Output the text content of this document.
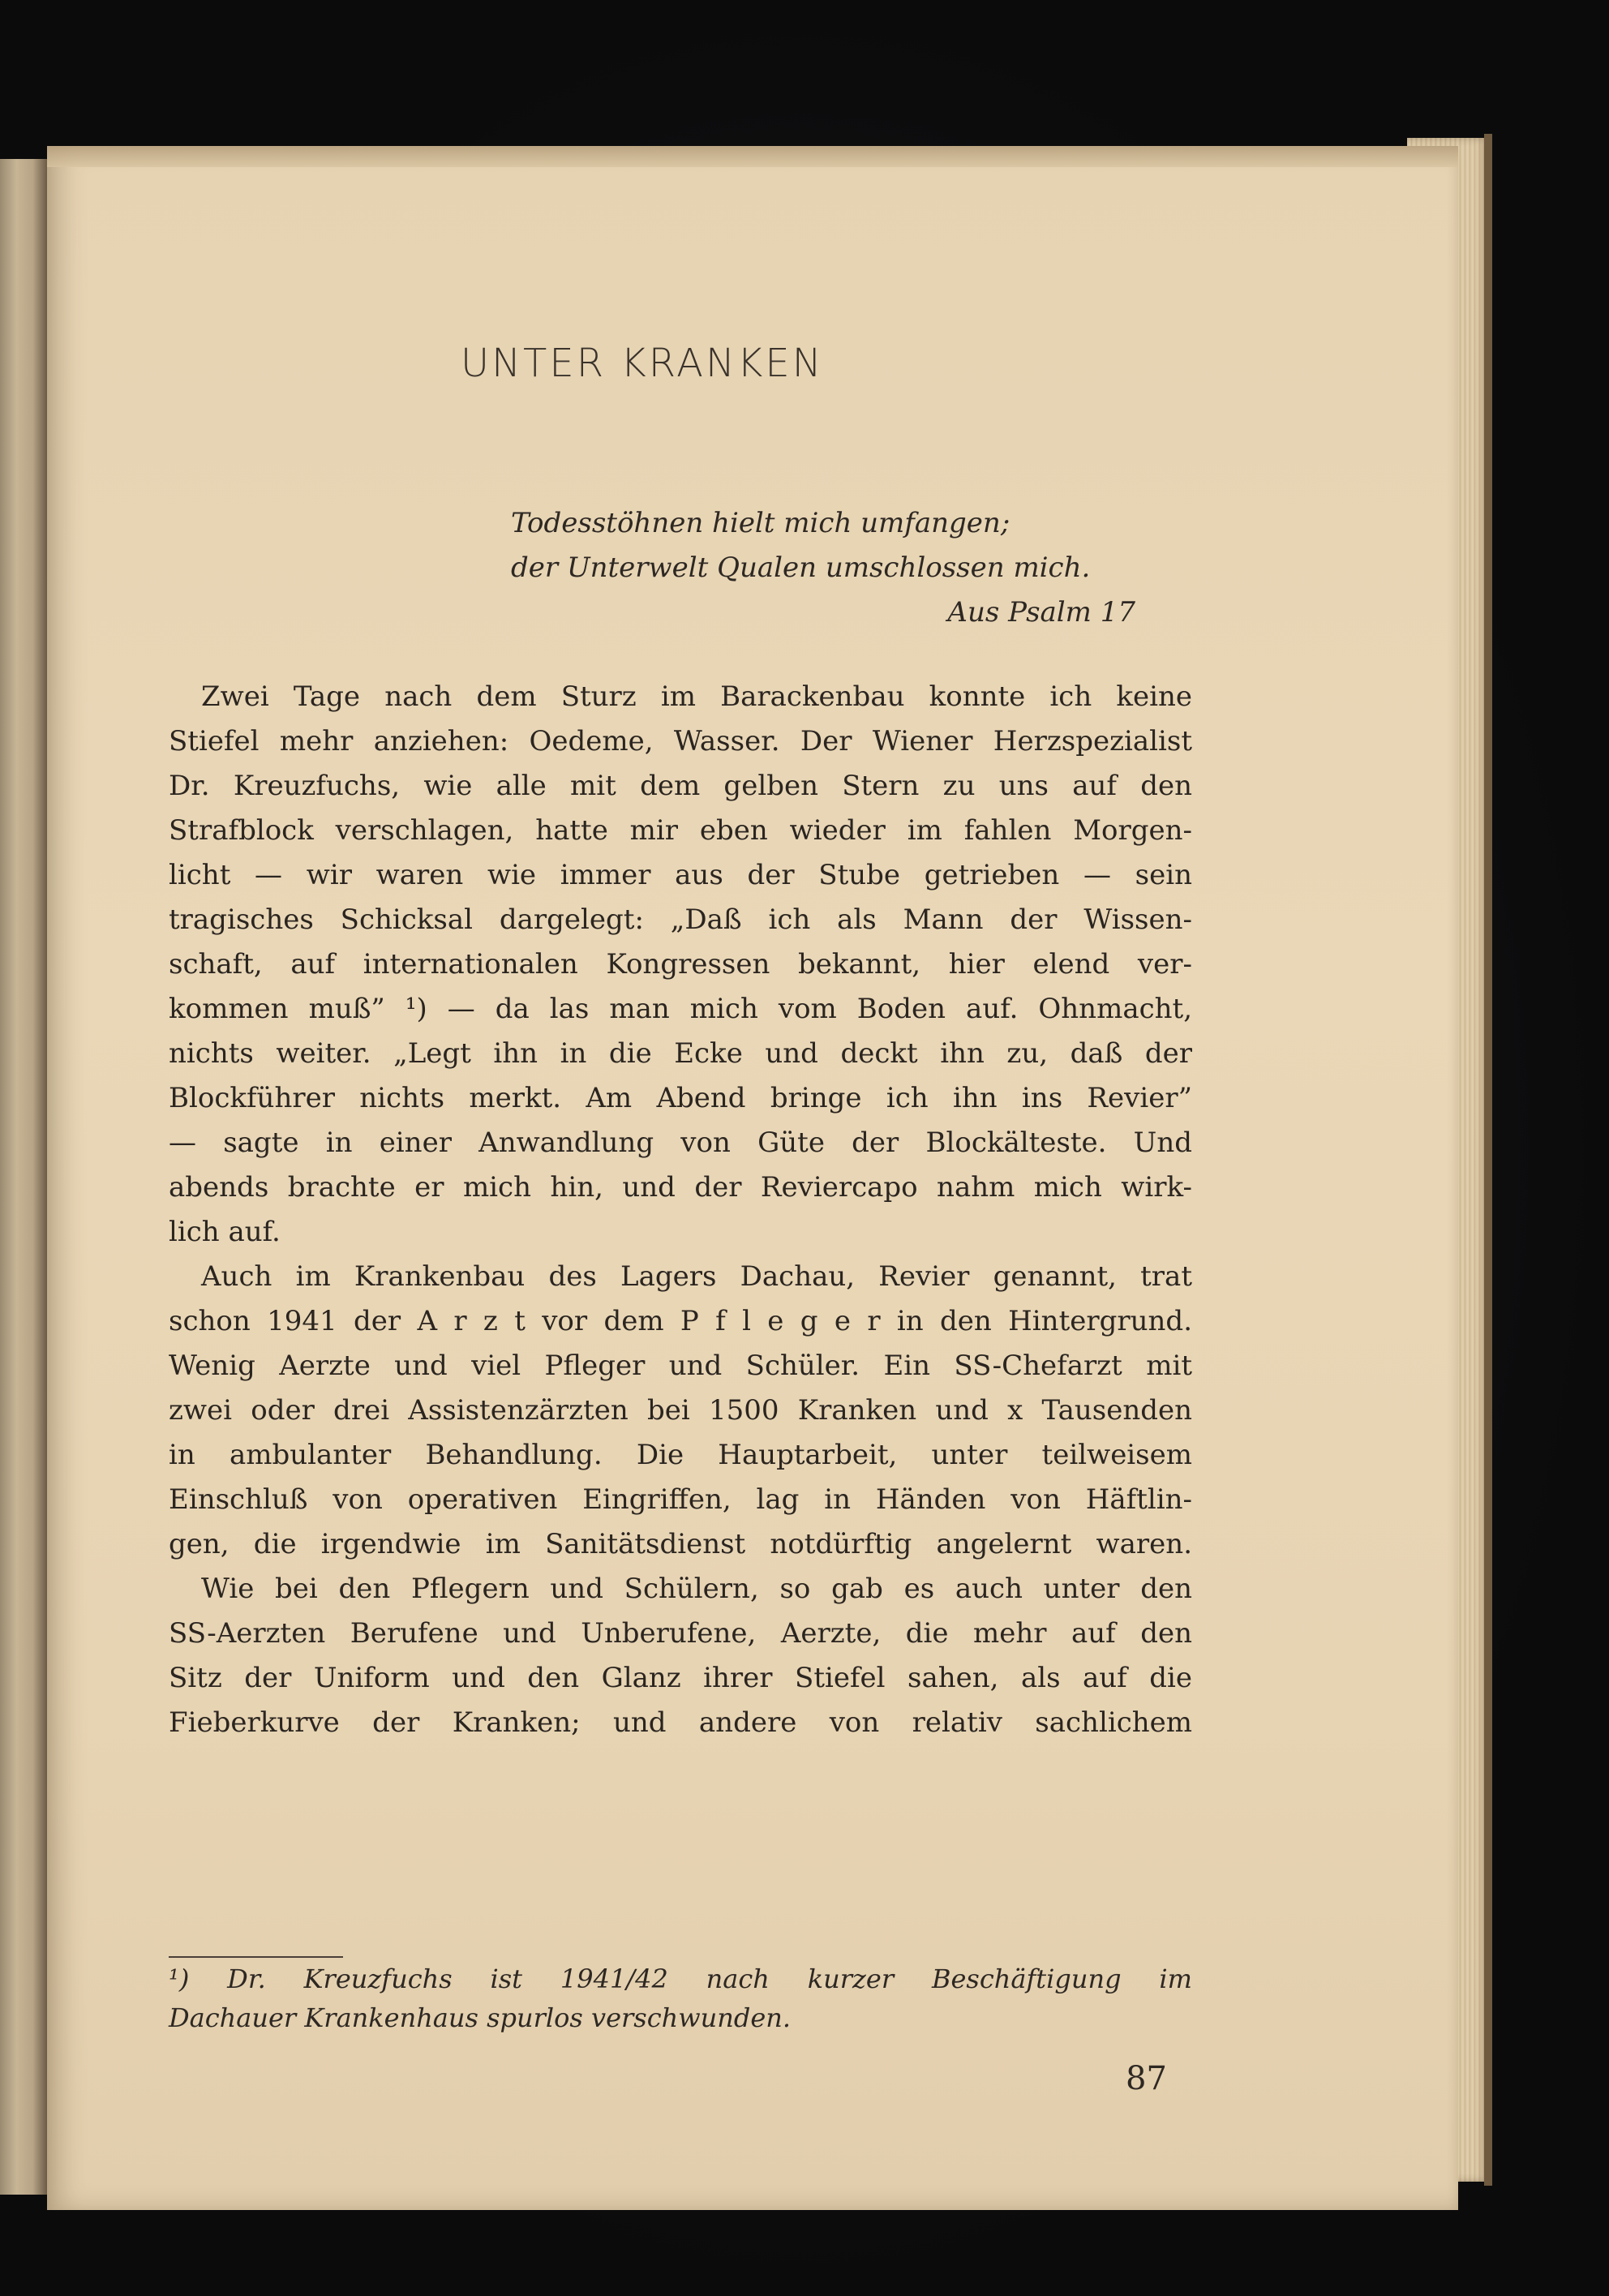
UNTER KRANKEN
Todesstöhnen hielt mich umfangen;
der Unterwelt Qualen umschlossen mich.
Aus Psalm 17
Zwei Tage nach dem Sturz im Barackenbau konnte ich keine
Stiefel mehr anziehen: Oedeme, Wasser. Der Wiener Herzspezialist
Dr. Kreuzfuchs, wie alle mit dem gelben Stern zu uns auf den
Strafblock verschlagen, hatte mir eben wieder im fahlen Morgen-
licht — wir waren wie immer aus der Stube getrieben — sein
tragisches Schicksal dargelegt: „Daß ich als Mann der Wissen-
schaft, auf internationalen Kongressen bekannt, hier elend ver-
kommen muß” ¹) — da las man mich vom Boden auf. Ohnmacht,
nichts weiter. „Legt ihn in die Ecke und deckt ihn zu, daß der
Blockführer nichts merkt. Am Abend bringe ich ihn ins Revier”
— sagte in einer Anwandlung von Güte der Blockälteste. Und
abends brachte er mich hin, und der Reviercapo nahm mich wirk-
lich auf.
Auch im Krankenbau des Lagers Dachau, Revier genannt, trat
schon 1941 der A r z t vor dem P f l e g e r in den Hintergrund.
Wenig Aerzte und viel Pfleger und Schüler. Ein SS-Chefarzt mit
zwei oder drei Assistenzärzten bei 1500 Kranken und x Tausenden
in ambulanter Behandlung. Die Hauptarbeit, unter teilweisem
Einschluß von operativen Eingriffen, lag in Händen von Häftlin-
gen, die irgendwie im Sanitätsdienst notdürftig angelernt waren.
Wie bei den Pflegern und Schülern, so gab es auch unter den
SS-Aerzten Berufene und Unberufene, Aerzte, die mehr auf den
Sitz der Uniform und den Glanz ihrer Stiefel sahen, als auf die
Fieberkurve der Kranken; und andere von relativ sachlichem
¹) Dr. Kreuzfuchs ist 1941/42 nach kurzer Beschäftigung im
Dachauer Krankenhaus spurlos verschwunden.
87
